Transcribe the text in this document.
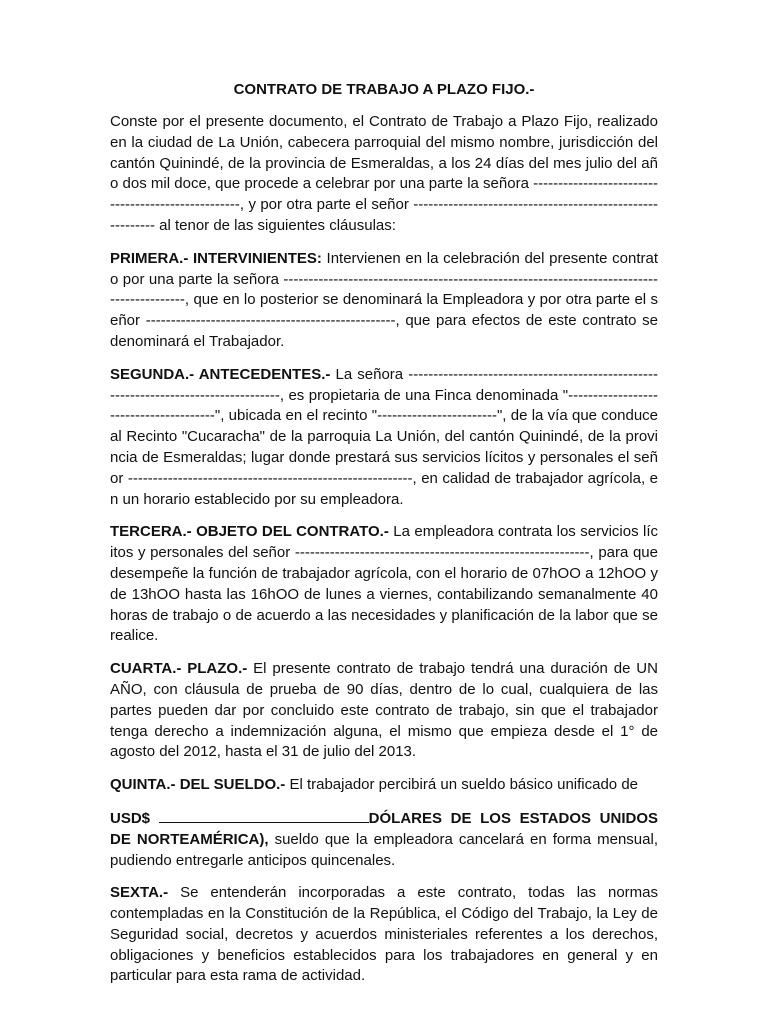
CONTRATO DE TRABAJO A PLAZO FIJO.-

Conste por el presente documento, el Contrato de Trabajo a Plazo Fijo, realizado en la ciudad de La Unión, cabecera parroquial del mismo nombre, jurisdicción del cantón Quinindé, de la provincia de Esmeraldas, a los 24 días del mes julio del año dos mil doce, que procede a celebrar por una parte la señora ---------------------------------------------------, y por otra parte el señor ---------------------------------------------------------- al tenor de las siguientes cláusulas:

PRIMERA.- INTERVINIENTES: Intervienen en la celebración del presente contrato por una parte la señora ------------------------------------------------------------------------------------------, que en lo posterior se denominará la Empleadora y por otra parte el señor --------------------------------------------------, que para efectos de este contrato se denominará el Trabajador.

SEGUNDA.- ANTECEDENTES.- La señora ------------------------------------------------------------------------------------, es propietaria de una Finca denominada "---------------------------------------", ubicada en el recinto "------------------------", de la vía que conduce al Recinto "Cucaracha" de la parroquia La Unión, del cantón Quinindé, de la provincia de Esmeraldas; lugar donde prestará sus servicios lícitos y personales el señor ---------------------------------------------------------, en calidad de trabajador agrícola, en un horario establecido por su empleadora.

TERCERA.- OBJETO DEL CONTRATO.- La empleadora contrata los servicios lícitos y personales del señor -----------------------------------------------------------, para que desempeñe la función de trabajador agrícola, con el horario de 07hOO a 12hOO y de 13hOO hasta las 16hOO de lunes a viernes, contabilizando semanalmente 40 horas de trabajo o de acuerdo a las necesidades y planificación de la labor que se realice.

CUARTA.- PLAZO.- El presente contrato de trabajo tendrá una duración de UN AÑO, con cláusula de prueba de 90 días, dentro de lo cual, cualquiera de las partes pueden dar por concluido este contrato de trabajo, sin que el trabajador tenga derecho a indemnización alguna, el mismo que empieza desde el 1° de agosto del 2012, hasta el 31 de julio del 2013.

QUINTA.- DEL SUELDO.- El trabajador percibirá un sueldo básico unificado de

USD$	DÓLARES DE LOS ESTADOS UNIDOS DE NORTEAMÉRICA), sueldo que la empleadora cancelará en forma mensual, pudiendo entregarle anticipos quincenales.

SEXTA.- Se entenderán incorporadas a este contrato, todas las normas contempladas en la Constitución de la República, el Código del Trabajo, la Ley de Seguridad social, decretos y acuerdos ministeriales referentes a los derechos, obligaciones y beneficios establecidos para los trabajadores en general y en particular para esta rama de actividad.
